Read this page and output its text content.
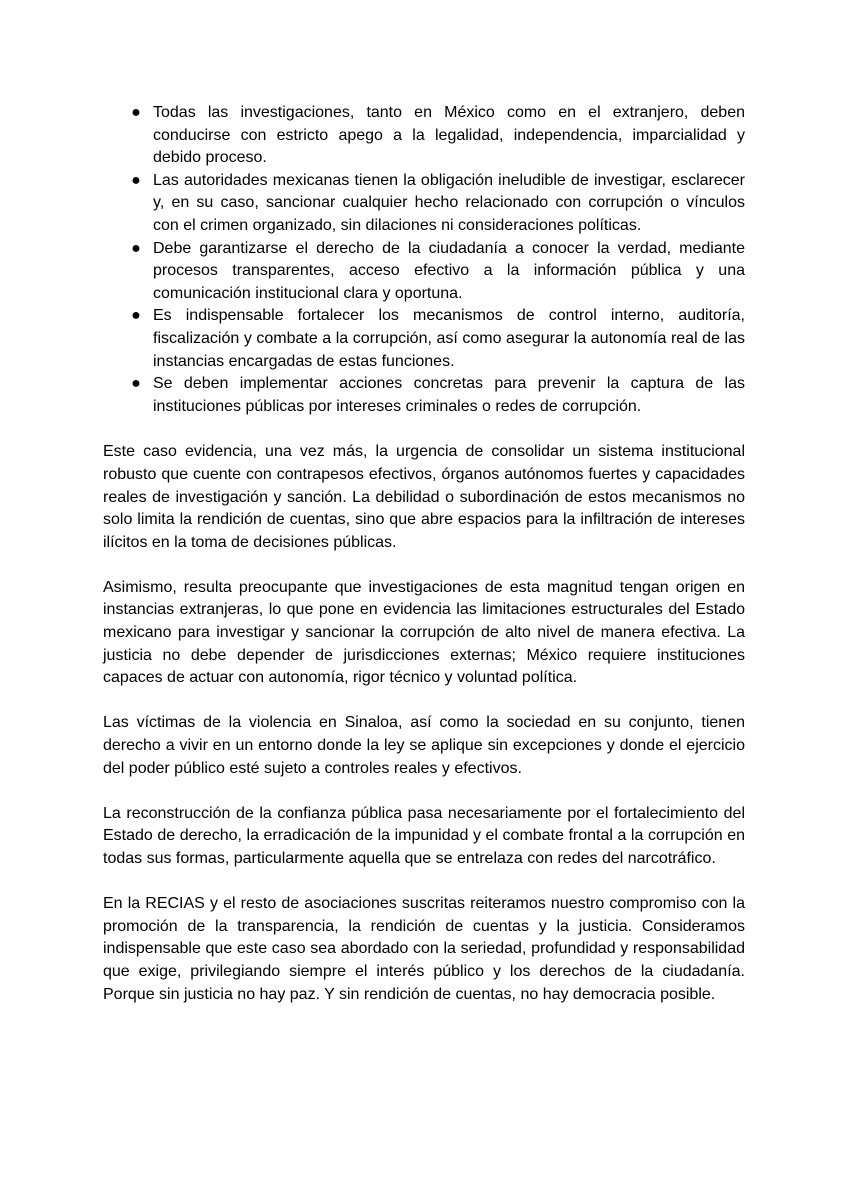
● Todas las investigaciones, tanto en México como en el extranjero, deben conducirse con estricto apego a la legalidad, independencia, imparcialidad y debido proceso.
● Las autoridades mexicanas tienen la obligación ineludible de investigar, esclarecer y, en su caso, sancionar cualquier hecho relacionado con corrupción o vínculos con el crimen organizado, sin dilaciones ni consideraciones políticas.
● Debe garantizarse el derecho de la ciudadanía a conocer la verdad, mediante procesos transparentes, acceso efectivo a la información pública y una comunicación institucional clara y oportuna.
● Es indispensable fortalecer los mecanismos de control interno, auditoría, fiscalización y combate a la corrupción, así como asegurar la autonomía real de las instancias encargadas de estas funciones.
● Se deben implementar acciones concretas para prevenir la captura de las instituciones públicas por intereses criminales o redes de corrupción.

Este caso evidencia, una vez más, la urgencia de consolidar un sistema institucional robusto que cuente con contrapesos efectivos, órganos autónomos fuertes y capacidades reales de investigación y sanción. La debilidad o subordinación de estos mecanismos no solo limita la rendición de cuentas, sino que abre espacios para la infiltración de intereses ilícitos en la toma de decisiones públicas.

Asimismo, resulta preocupante que investigaciones de esta magnitud tengan origen en instancias extranjeras, lo que pone en evidencia las limitaciones estructurales del Estado mexicano para investigar y sancionar la corrupción de alto nivel de manera efectiva. La justicia no debe depender de jurisdicciones externas; México requiere instituciones capaces de actuar con autonomía, rigor técnico y voluntad política.

Las víctimas de la violencia en Sinaloa, así como la sociedad en su conjunto, tienen derecho a vivir en un entorno donde la ley se aplique sin excepciones y donde el ejercicio del poder público esté sujeto a controles reales y efectivos.

La reconstrucción de la confianza pública pasa necesariamente por el fortalecimiento del Estado de derecho, la erradicación de la impunidad y el combate frontal a la corrupción en todas sus formas, particularmente aquella que se entrelaza con redes del narcotráfico.

En la RECIAS y el resto de asociaciones suscritas reiteramos nuestro compromiso con la promoción de la transparencia, la rendición de cuentas y la justicia. Consideramos indispensable que este caso sea abordado con la seriedad, profundidad y responsabilidad que exige, privilegiando siempre el interés público y los derechos de la ciudadanía. Porque sin justicia no hay paz. Y sin rendición de cuentas, no hay democracia posible.
